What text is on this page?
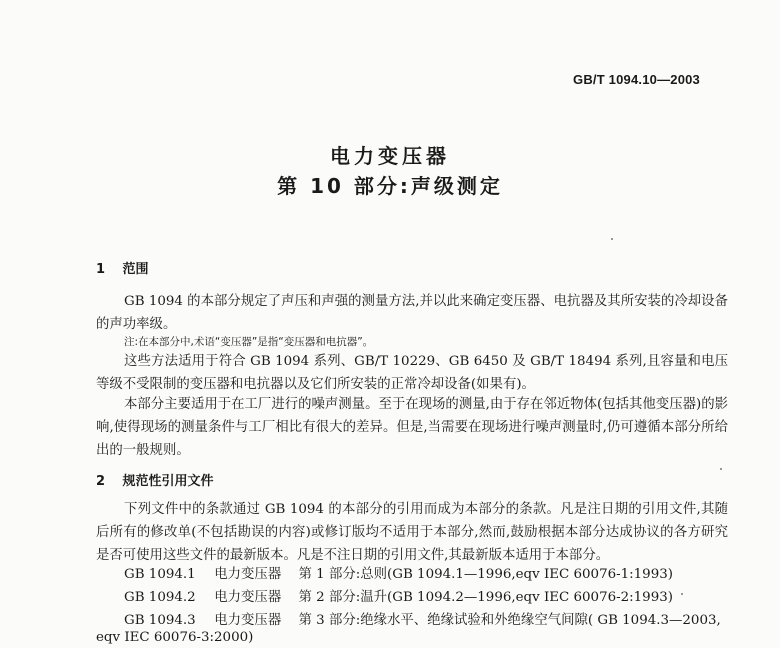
GB/T 1094.10—2003
电力变压器
第 10 部分:声级测定
1 范围
GB 1094 的本部分规定了声压和声强的测量方法,并以此来确定变压器、电抗器及其所安装的冷却设备的声功率级。
注:在本部分中,术语“变压器”是指“变压器和电抗器”。
这些方法适用于符合 GB 1094 系列、GB/T 10229、GB 6450 及 GB/T 18494 系列,且容量和电压等级不受限制的变压器和电抗器以及它们所安装的正常冷却设备(如果有)。
本部分主要适用于在工厂进行的噪声测量。至于在现场的测量,由于存在邻近物体(包括其他变压器)的影响,使得现场的测量条件与工厂相比有很大的差异。但是,当需要在现场进行噪声测量时,仍可遵循本部分所给出的一般规则。
2 规范性引用文件
下列文件中的条款通过 GB 1094 的本部分的引用而成为本部分的条款。凡是注日期的引用文件,其随后所有的修改单(不包括勘误的内容)或修订版均不适用于本部分,然而,鼓励根据本部分达成协议的各方研究是否可使用这些文件的最新版本。凡是不注日期的引用文件,其最新版本适用于本部分。
GB 1094.1 电力变压器 第 1 部分:总则(GB 1094.1—1996,eqv IEC 60076-1:1993)
GB 1094.2 电力变压器 第 2 部分:温升(GB 1094.2—1996,eqv IEC 60076-2:1993)
GB 1094.3 电力变压器 第 3 部分:绝缘水平、绝缘试验和外绝缘空气间隙( GB 1094.3—2003,
eqv IEC 60076-3:2000)
